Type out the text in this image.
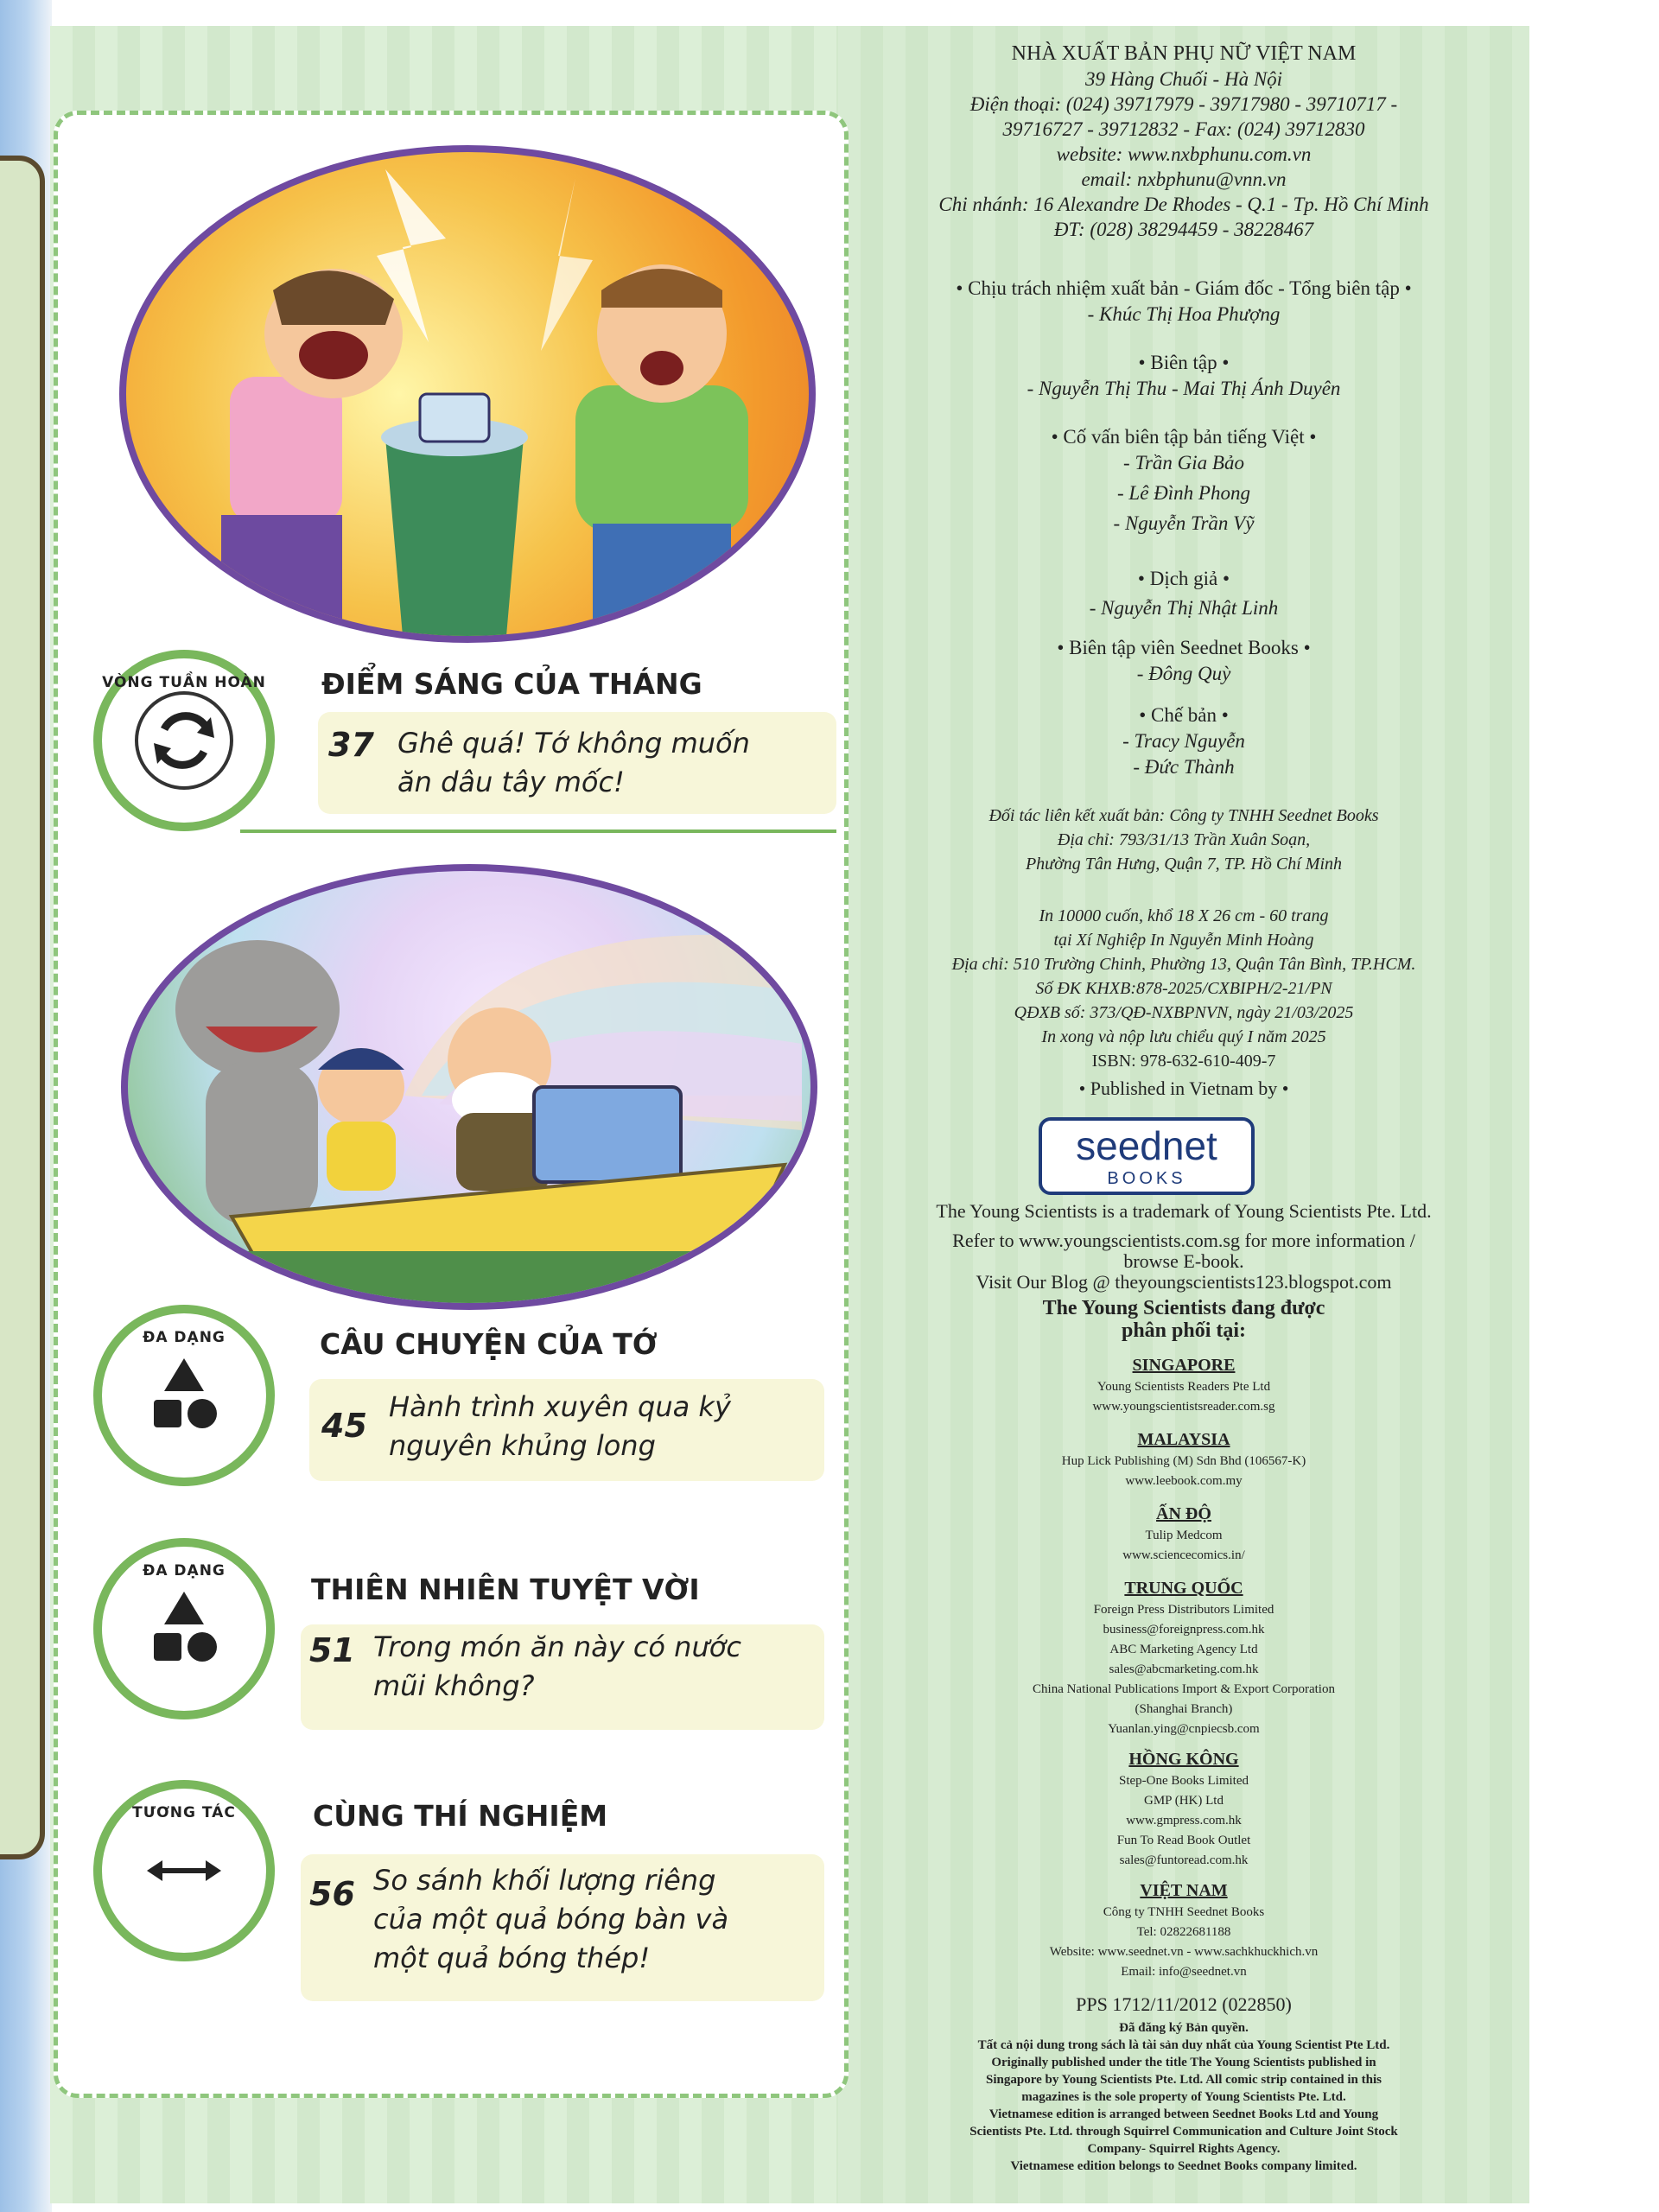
VÒNG TUẦN HOÀN ĐIỂM SÁNG CỦA THÁNG
37 Ghê quá! Tớ không muốn
ăn dâu tây mốc!
ĐA DẠNG	CÂU CHUYỆN CỦA TỚ
45 Hành trình xuyên qua kỷ
nguyên khủng long
ĐA DẠNG
THIÊN NHIÊN TUYỆT VỜI
51 Trong món ăn này có nước
mũi không?
TƯƠNG TÁC	CÙNG THÍ NGHIỆM
56 So sánh khối lượng riêng
của một quả bóng bàn và
một quả bóng thép!
NHÀ XUẤT BẢN PHỤ NỮ VIỆT NAM
39 Hàng Chuối - Hà Nội
Điện thoại: (024) 39717979 - 39717980 - 39710717 -
39716727 - 39712832 - Fax: (024) 39712830
website: www.nxbphunu.com.vn
email: nxbphunu@vnn.vn
Chi nhánh: 16 Alexandre De Rhodes - Q.1 - Tp. Hồ Chí Minh
ĐT: (028) 38294459 - 38228467
• Chịu trách nhiệm xuất bản - Giám đốc - Tổng biên tập •
- Khúc Thị Hoa Phượng
• Biên tập •
- Nguyễn Thị Thu - Mai Thị Ánh Duyên
• Cố vấn biên tập bản tiếng Việt •
- Trần Gia Bảo
- Lê Đình Phong
- Nguyễn Trần Vỹ
• Dịch giả •
- Nguyễn Thị Nhật Linh
• Biên tập viên Seednet Books •
- Đông Quỳ
• Chế bản •
- Tracy Nguyễn
- Đức Thành
Đối tác liên kết xuất bản: Công ty TNHH Seednet Books
Địa chỉ: 793/31/13 Trần Xuân Soạn,
Phường Tân Hưng, Quận 7, TP. Hồ Chí Minh
In 10000 cuốn, khổ 18 X 26 cm - 60 trang
tại Xí Nghiệp In Nguyễn Minh Hoàng
Địa chỉ: 510 Trường Chinh, Phường 13, Quận Tân Bình, TP.HCM.
Số ĐK KHXB:878-2025/CXBIPH/2-21/PN
QĐXB số: 373/QĐ-NXBPNVN, ngày 21/03/2025
In xong và nộp lưu chiểu quý I năm 2025
ISBN: 978-632-610-409-7
• Published in Vietnam by •
seednet
BOOKS
The Young Scientists is a trademark of Young Scientists Pte. Ltd.
Refer to www.youngscientists.com.sg for more information /
browse E-book.
Visit Our Blog @ theyoungscientists123.blogspot.com
The Young Scientists đang được
phân phối tại:
SINGAPORE
Young Scientists Readers Pte Ltd
www.youngscientistsreader.com.sg
MALAYSIA
Hup Lick Publishing (M) Sdn Bhd (106567-K)
www.leebook.com.my
ẤN ĐỘ
Tulip Medcom
www.sciencecomics.in/
TRUNG QUỐC
Foreign Press Distributors Limited
business@foreignpress.com.hk
ABC Marketing Agency Ltd
sales@abcmarketing.com.hk
China National Publications Import & Export Corporation
(Shanghai Branch)
Yuanlan.ying@cnpiecsb.com
HỒNG KÔNG
Step-One Books Limited
GMP (HK) Ltd
www.gmpress.com.hk
Fun To Read Book Outlet
sales@funtoread.com.hk
VIỆT NAM
Công ty TNHH Seednet Books
Tel: 02822681188
Website: www.seednet.vn - www.sachkhuckhich.vn
Email: info@seednet.vn
PPS 1712/11/2012 (022850)
Đã đăng ký Bản quyền.
Tất cả nội dung trong sách là tài sản duy nhất của Young Scientist Pte Ltd.
Originally published under the title The Young Scientists published in
Singapore by Young Scientists Pte. Ltd. All comic strip contained in this
magazines is the sole property of Young Scientists Pte. Ltd.
Vietnamese edition is arranged between Seednet Books Ltd and Young
Scientists Pte. Ltd. through Squirrel Communication and Culture Joint Stock
Company- Squirrel Rights Agency.
Vietnamese edition belongs to Seednet Books company limited.
